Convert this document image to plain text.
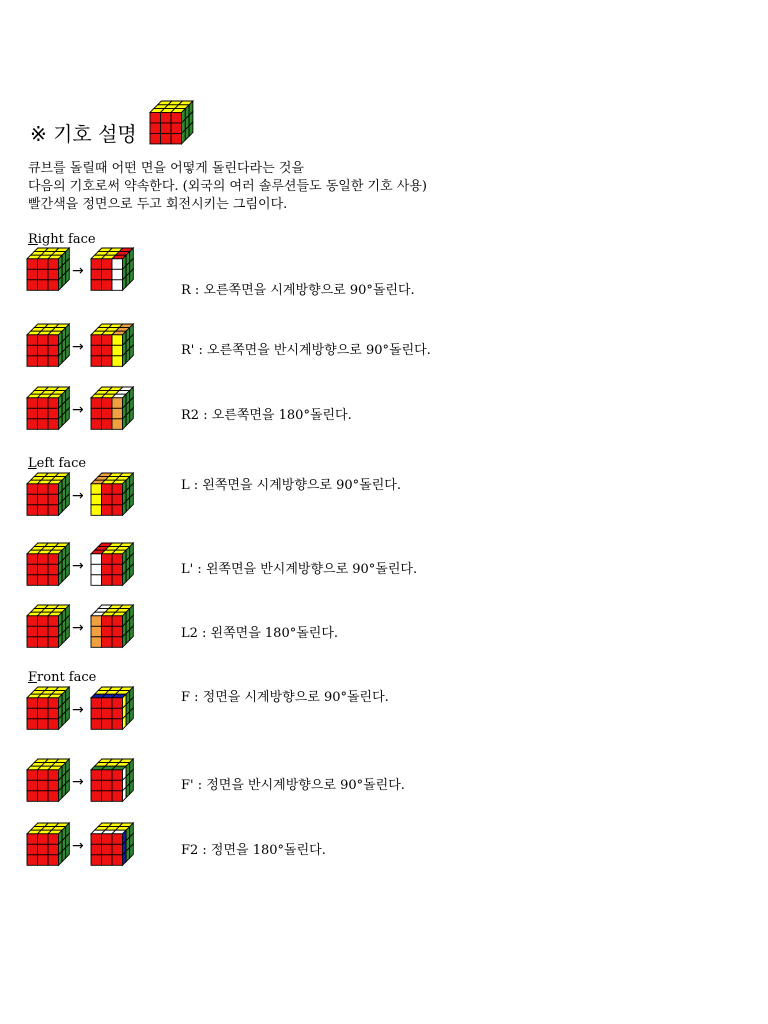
※ 기호 설명
큐브를 돌릴때 어떤 면을 어떻게 돌린다라는 것을
다음의 기호로써 약속한다. (외국의 여러 솔루션들도 동일한 기호 사용)
빨간색을 정면으로 두고 회전시키는 그림이다.
Right face
→
R : 오른쪽면을 시계방향으로 90°돌린다.
→	R' : 오른쪽면을 반시계방향으로 90°돌린다.
→	R2 : 오른쪽면을 180°돌린다.
Left face
→
L : 왼쪽면을 시계방향으로 90°돌린다.
→	L' : 왼쪽면을 반시계방향으로 90°돌린다.
→	L2 : 왼쪽면을 180°돌린다.
Front face
→
F : 정면을 시계방향으로 90°돌린다.
→	F' : 정면을 반시계방향으로 90°돌린다.
→	F2 : 정면을 180°돌린다.
